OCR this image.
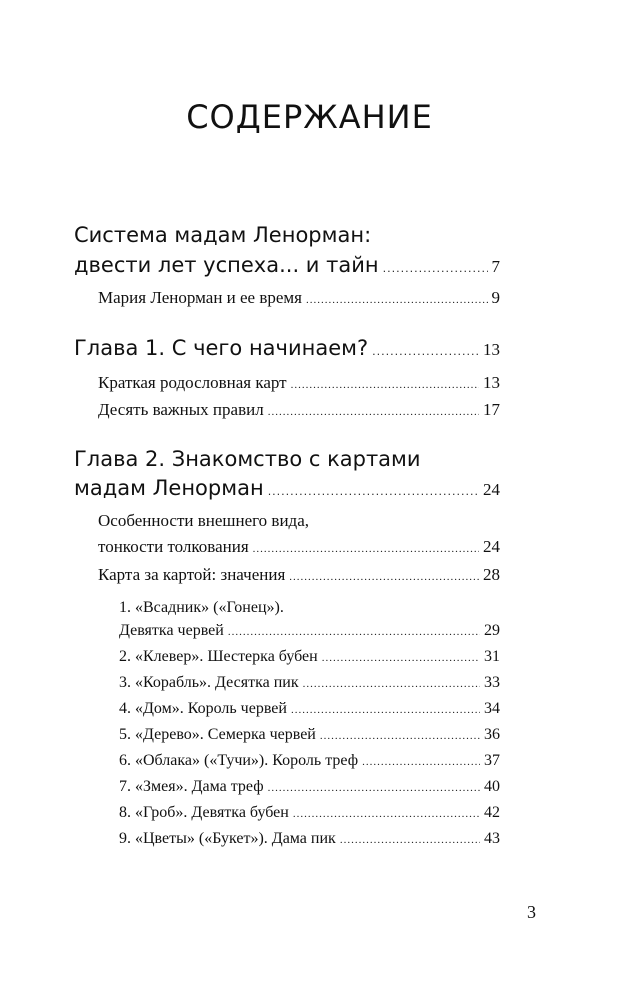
СОДЕРЖАНИЕ
Система мадам Ленорман:
двести лет успеха... и тайн .....	7
Мария Ленорман и ее время .....	9
Глава 1. С чего начинаем? .....	13
Краткая родословная карт .....	13
Десять важных правил .....	17
Глава 2. Знакомство с картами
мадам Ленорман .....	24
Особенности внешнего вида,
тонкости толкования .....	24
Карта за картой: значения .....	28
1. «Всадник» («Гонец»).
Девятка червей .....	29
2. «Клевер». Шестерка бубен .....	31
3. «Корабль». Десятка пик .....	33
4. «Дом». Король червей .....	34
5. «Дерево». Семерка червей .....	36
6. «Облака» («Тучи»). Король треф .....	37
7. «Змея». Дама треф .....	40
8. «Гроб». Девятка бубен .....	42
9. «Цветы» («Букет»). Дама пик .....	43
3
